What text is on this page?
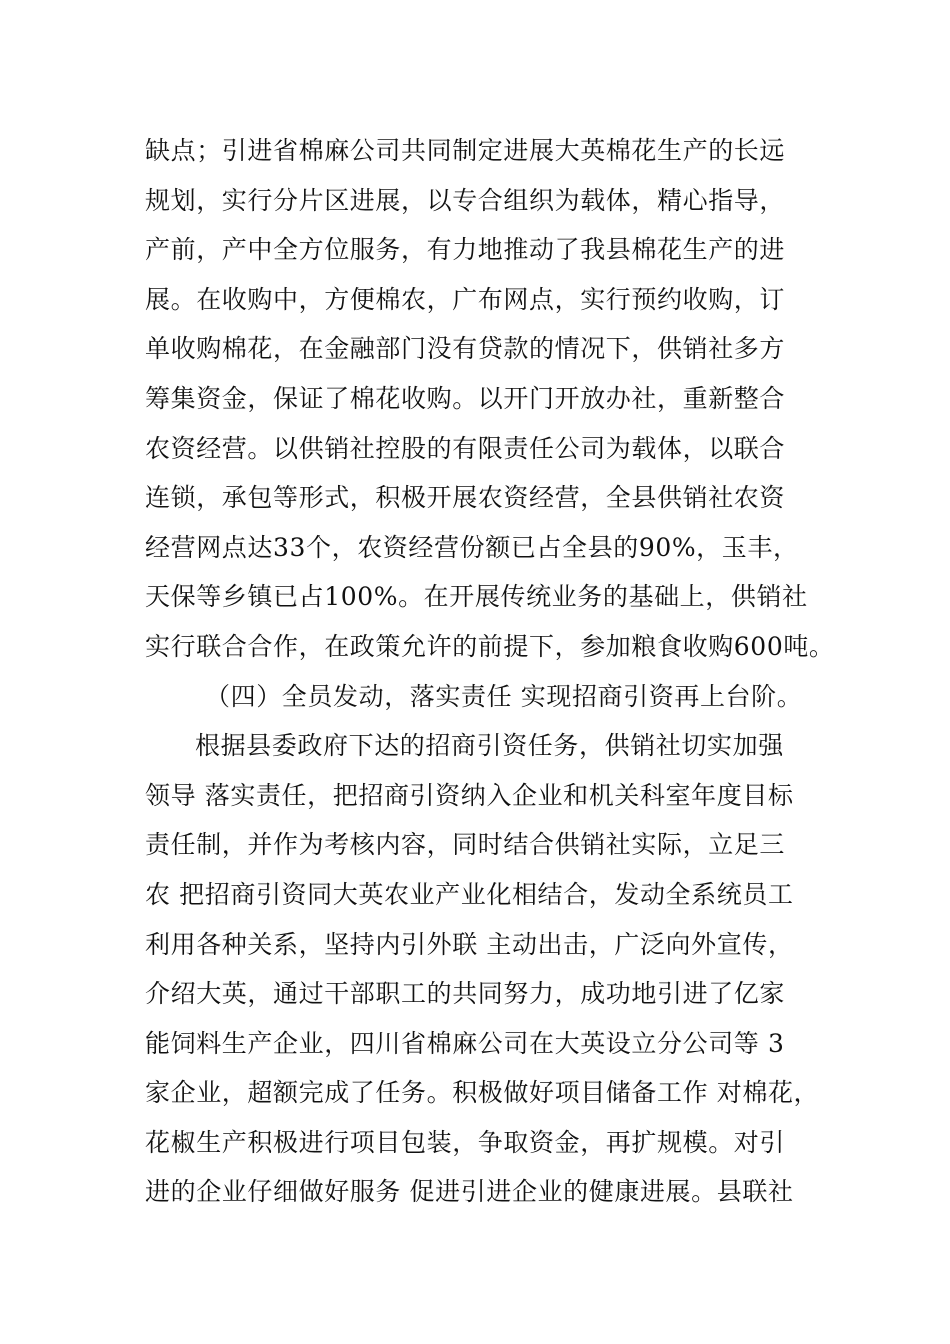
缺点；引进省棉麻公司共同制定进展大英棉花生产的长远
规划，实行分片区进展，以专合组织为载体，精心指导，
产前，产中全方位服务，有力地推动了我县棉花生产的进
展。在收购中，方便棉农，广布网点，实行预约收购，订
单收购棉花，在金融部门没有贷款的情况下，供销社多方
筹集资金，保证了棉花收购。以开门开放办社，重新整合
农资经营。以供销社控股的有限责任公司为载体，以联合
连锁，承包等形式，积极开展农资经营，全县供销社农资
经营网点达33个，农资经营份额已占全县的90%，玉丰，
天保等乡镇已占100%。在开展传统业务的基础上，供销社
实行联合合作，在政策允许的前提下，参加粮食收购600吨。
（四）全员发动，落实责任 实现招商引资再上台阶。
根据县委政府下达的招商引资任务，供销社切实加强
领导 落实责任，把招商引资纳入企业和机关科室年度目标
责任制，并作为考核内容，同时结合供销社实际，立足三
农 把招商引资同大英农业产业化相结合，发动全系统员工
利用各种关系，坚持内引外联 主动出击，广泛向外宣传，
介绍大英，通过干部职工的共同努力，成功地引进了亿家
能饲料生产企业，四川省棉麻公司在大英设立分公司等 3
家企业，超额完成了任务。积极做好项目储备工作 对棉花，
花椒生产积极进行项目包装，争取资金，再扩规模。对引
进的企业仔细做好服务 促进引进企业的健康进展。县联社
